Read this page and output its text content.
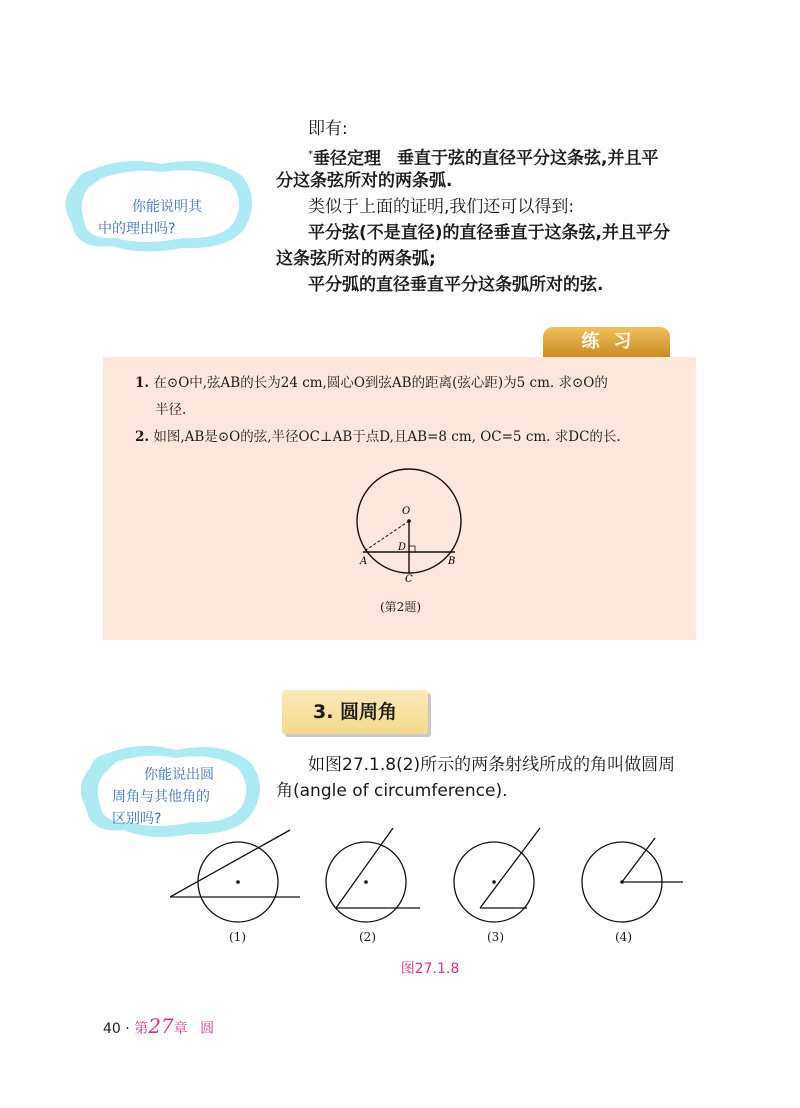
你能说明其
中的理由吗?
即有:
*垂径定理 垂直于弦的直径平分这条弦,并且平
分这条弦所对的两条弧.
类似于上面的证明,我们还可以得到:
平分弦(不是直径)的直径垂直于这条弦,并且平分
这条弦所对的两条弧;
平分弧的直径垂直平分这条弧所对的弦.
练习
1. 在⊙O中,弦AB的长为24 cm,圆心O到弦AB的距离(弦心距)为5 cm. 求⊙O的
半径.
2. 如图,AB是⊙O的弦,半径OC⊥AB于点D,且AB=8 cm, OC=5 cm. 求DC的长.
O
D
A	B
C
(第2题)
3. 圆周角
你能说出圆
周角与其他角的
区别吗?
如图27.1.8(2)所示的两条射线所成的角叫做圆周
角(angle of circumference).
(1)	(2)	(3)	(4)
图27.1.8
40 · 第27章 圆
